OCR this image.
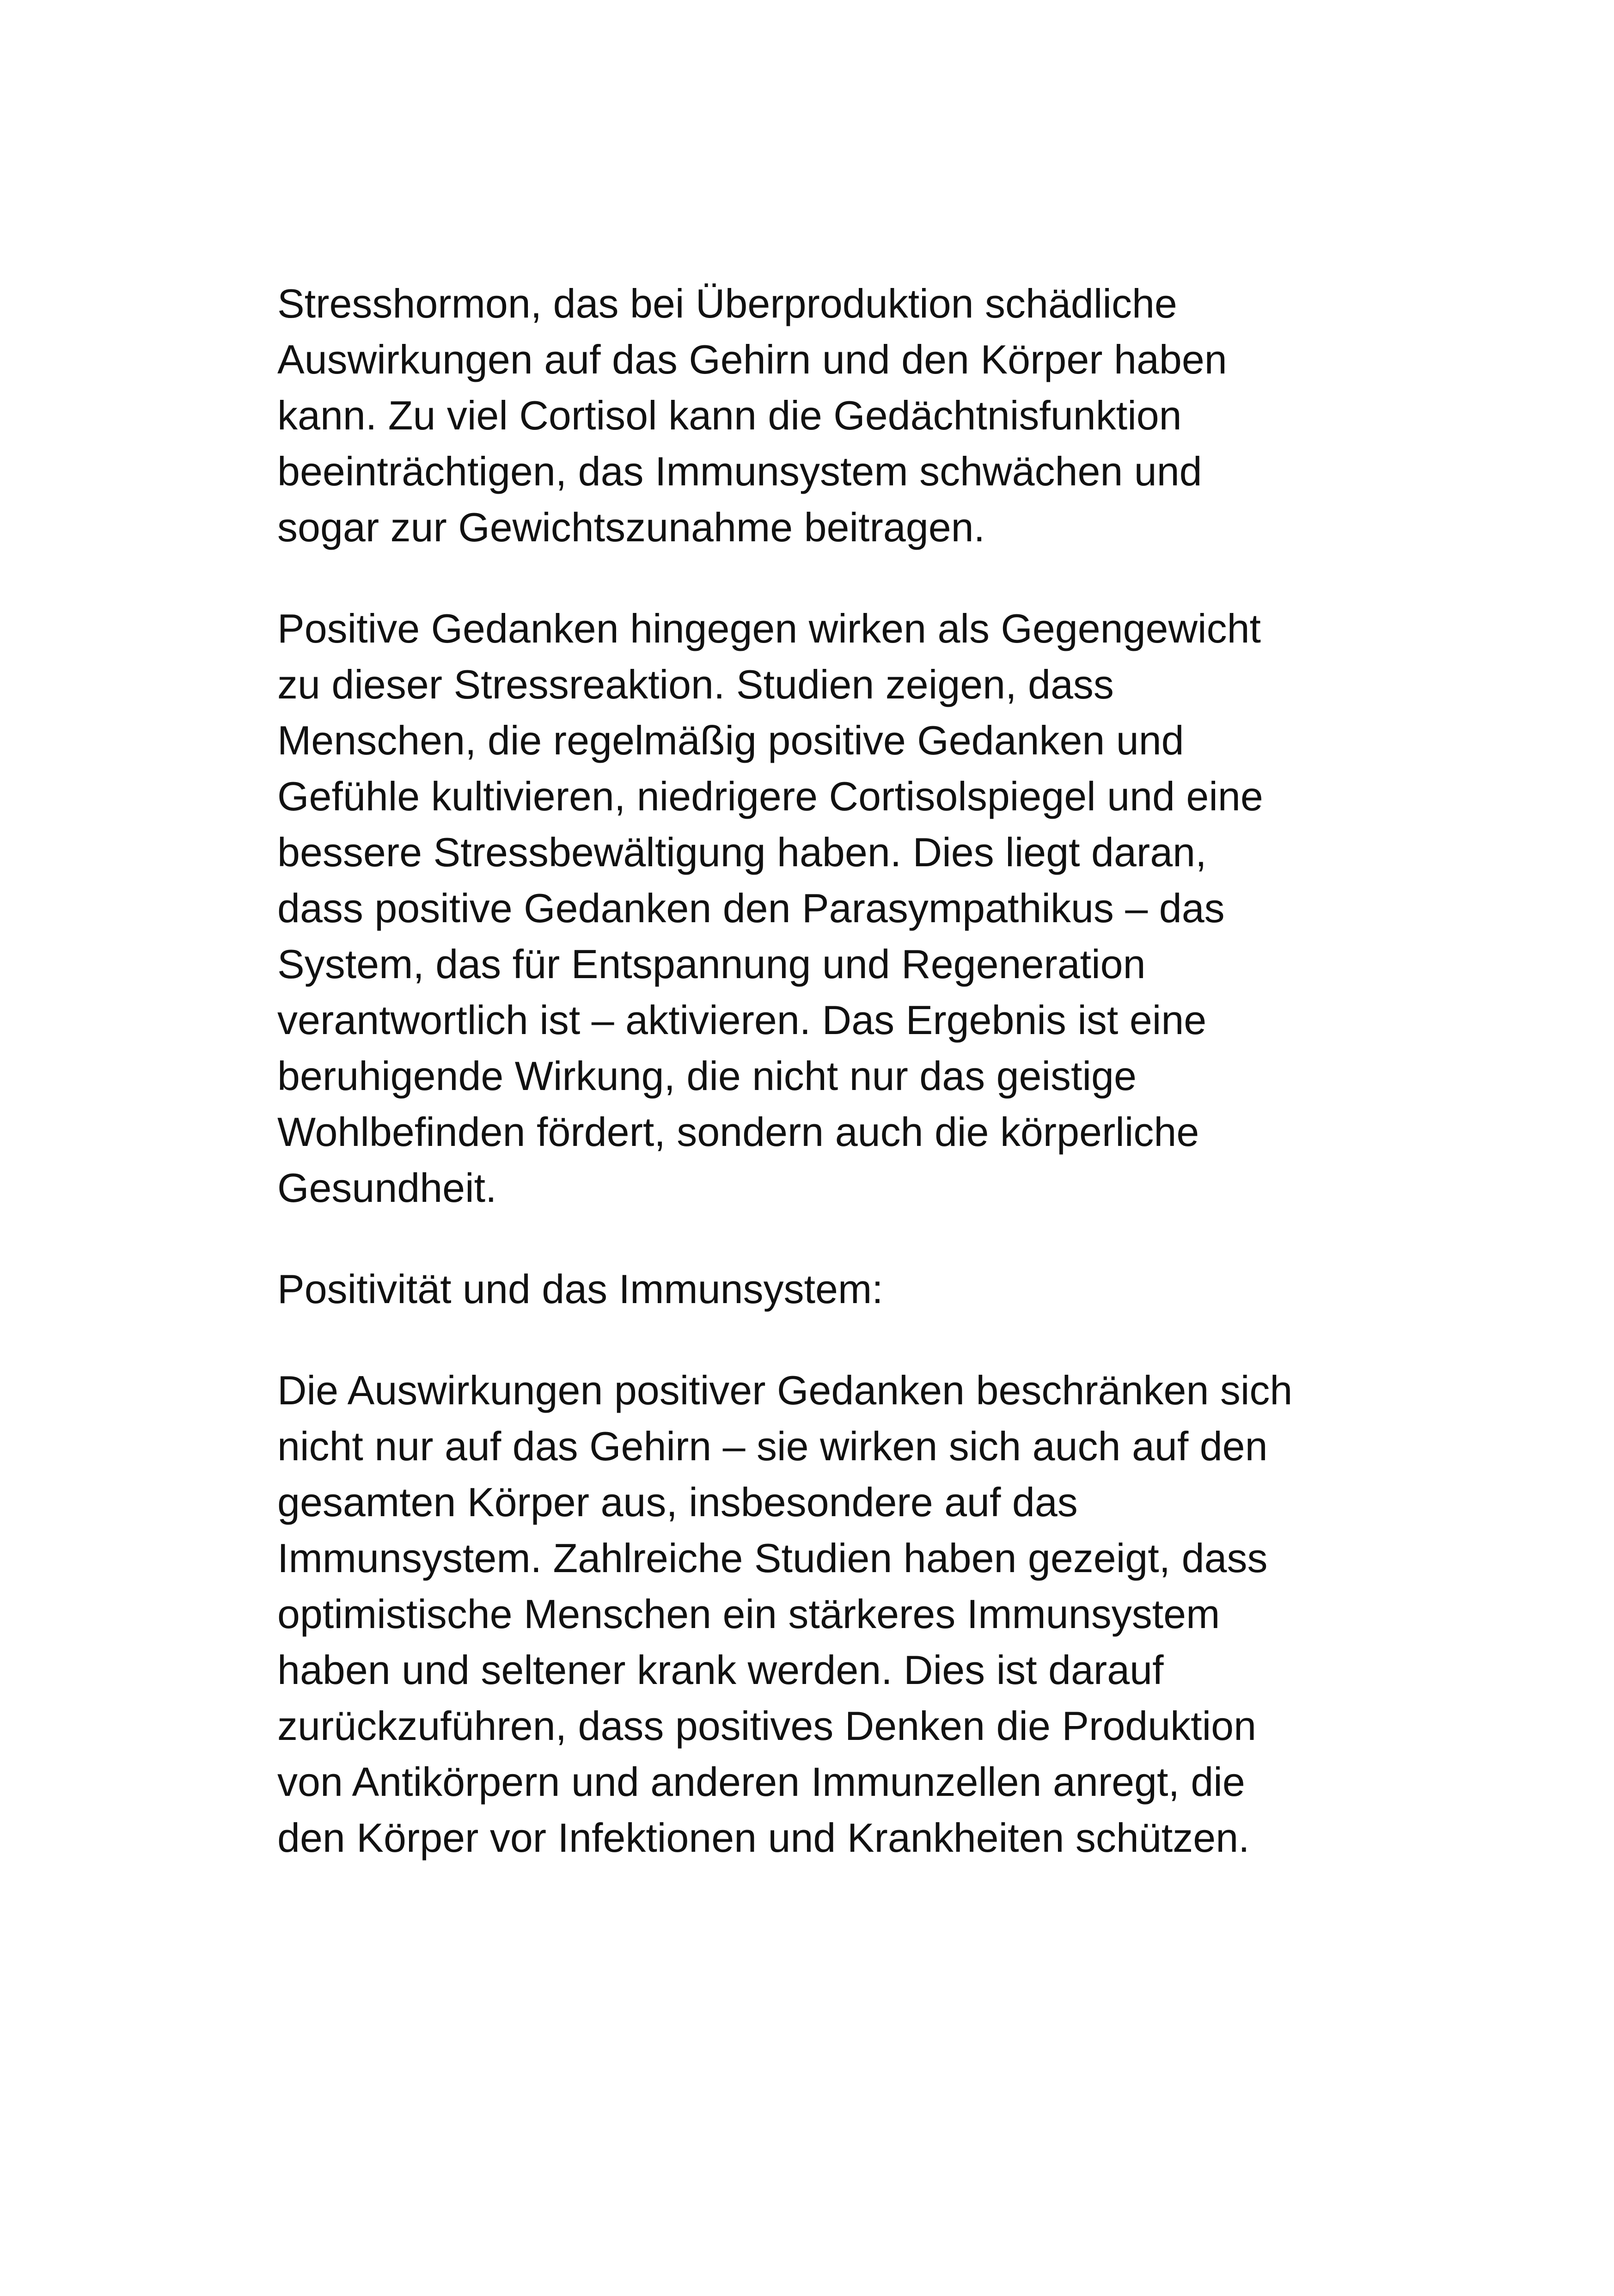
Stresshormon, das bei Überproduktion schädliche
Auswirkungen auf das Gehirn und den Körper haben
kann. Zu viel Cortisol kann die Gedächtnisfunktion
beeinträchtigen, das Immunsystem schwächen und
sogar zur Gewichtszunahme beitragen.

Positive Gedanken hingegen wirken als Gegengewicht
zu dieser Stressreaktion. Studien zeigen, dass
Menschen, die regelmäßig positive Gedanken und
Gefühle kultivieren, niedrigere Cortisolspiegel und eine
bessere Stressbewältigung haben. Dies liegt daran,
dass positive Gedanken den Parasympathikus – das
System, das für Entspannung und Regeneration
verantwortlich ist – aktivieren. Das Ergebnis ist eine
beruhigende Wirkung, die nicht nur das geistige
Wohlbefinden fördert, sondern auch die körperliche
Gesundheit.

Positivität und das Immunsystem:

Die Auswirkungen positiver Gedanken beschränken sich
nicht nur auf das Gehirn – sie wirken sich auch auf den
gesamten Körper aus, insbesondere auf das
Immunsystem. Zahlreiche Studien haben gezeigt, dass
optimistische Menschen ein stärkeres Immunsystem
haben und seltener krank werden. Dies ist darauf
zurückzuführen, dass positives Denken die Produktion
von Antikörpern und anderen Immunzellen anregt, die
den Körper vor Infektionen und Krankheiten schützen.
